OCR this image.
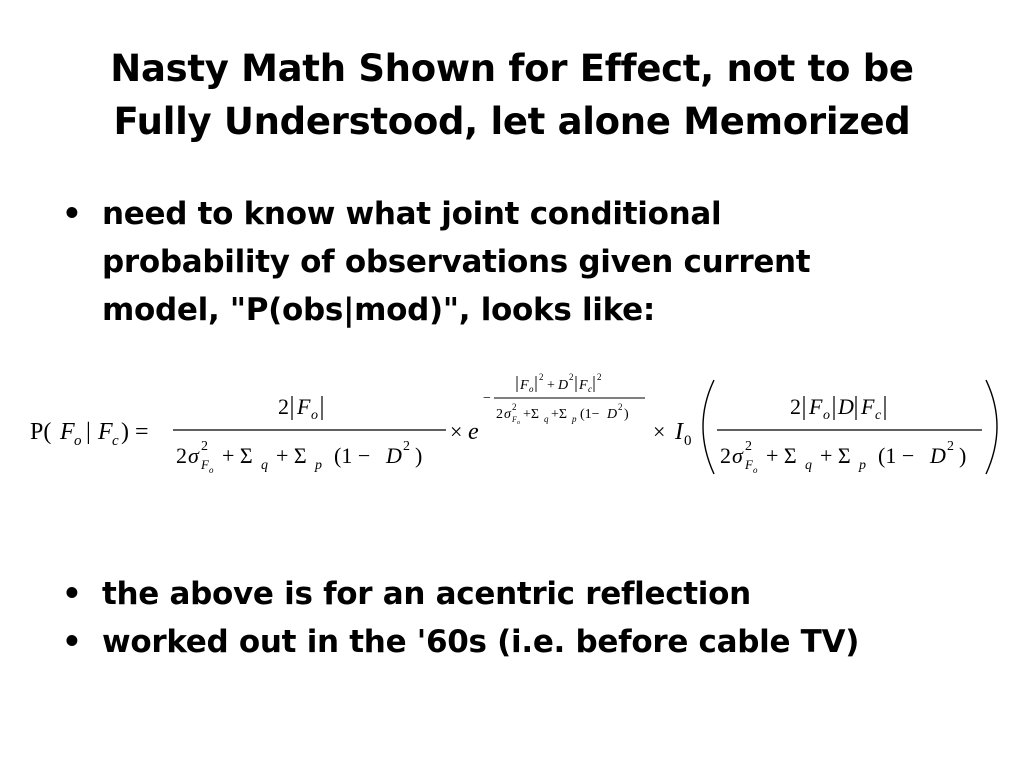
Nasty Math Shown for Effect, not to be
Fully Understood, let alone Memorized
• need to know what joint conditional
probability of observations given current
model, "P(obs|mod)", looks like:
P( F o | F c ) =
2 F o
2 σ 2
F o
+ Σ q + Σ p (1 − D 2 )
× e
−
F o
2
+ D
2
F c
2
2 σ 2
F o
+Σ q +Σ p (1− D 2 )
× I 0
2 F o D F c
2 σ 2
F o
+ Σ q + Σ p (1 − D 2 )
• the above is for an acentric reflection
• worked out in the '60s (i.e. before cable TV)
